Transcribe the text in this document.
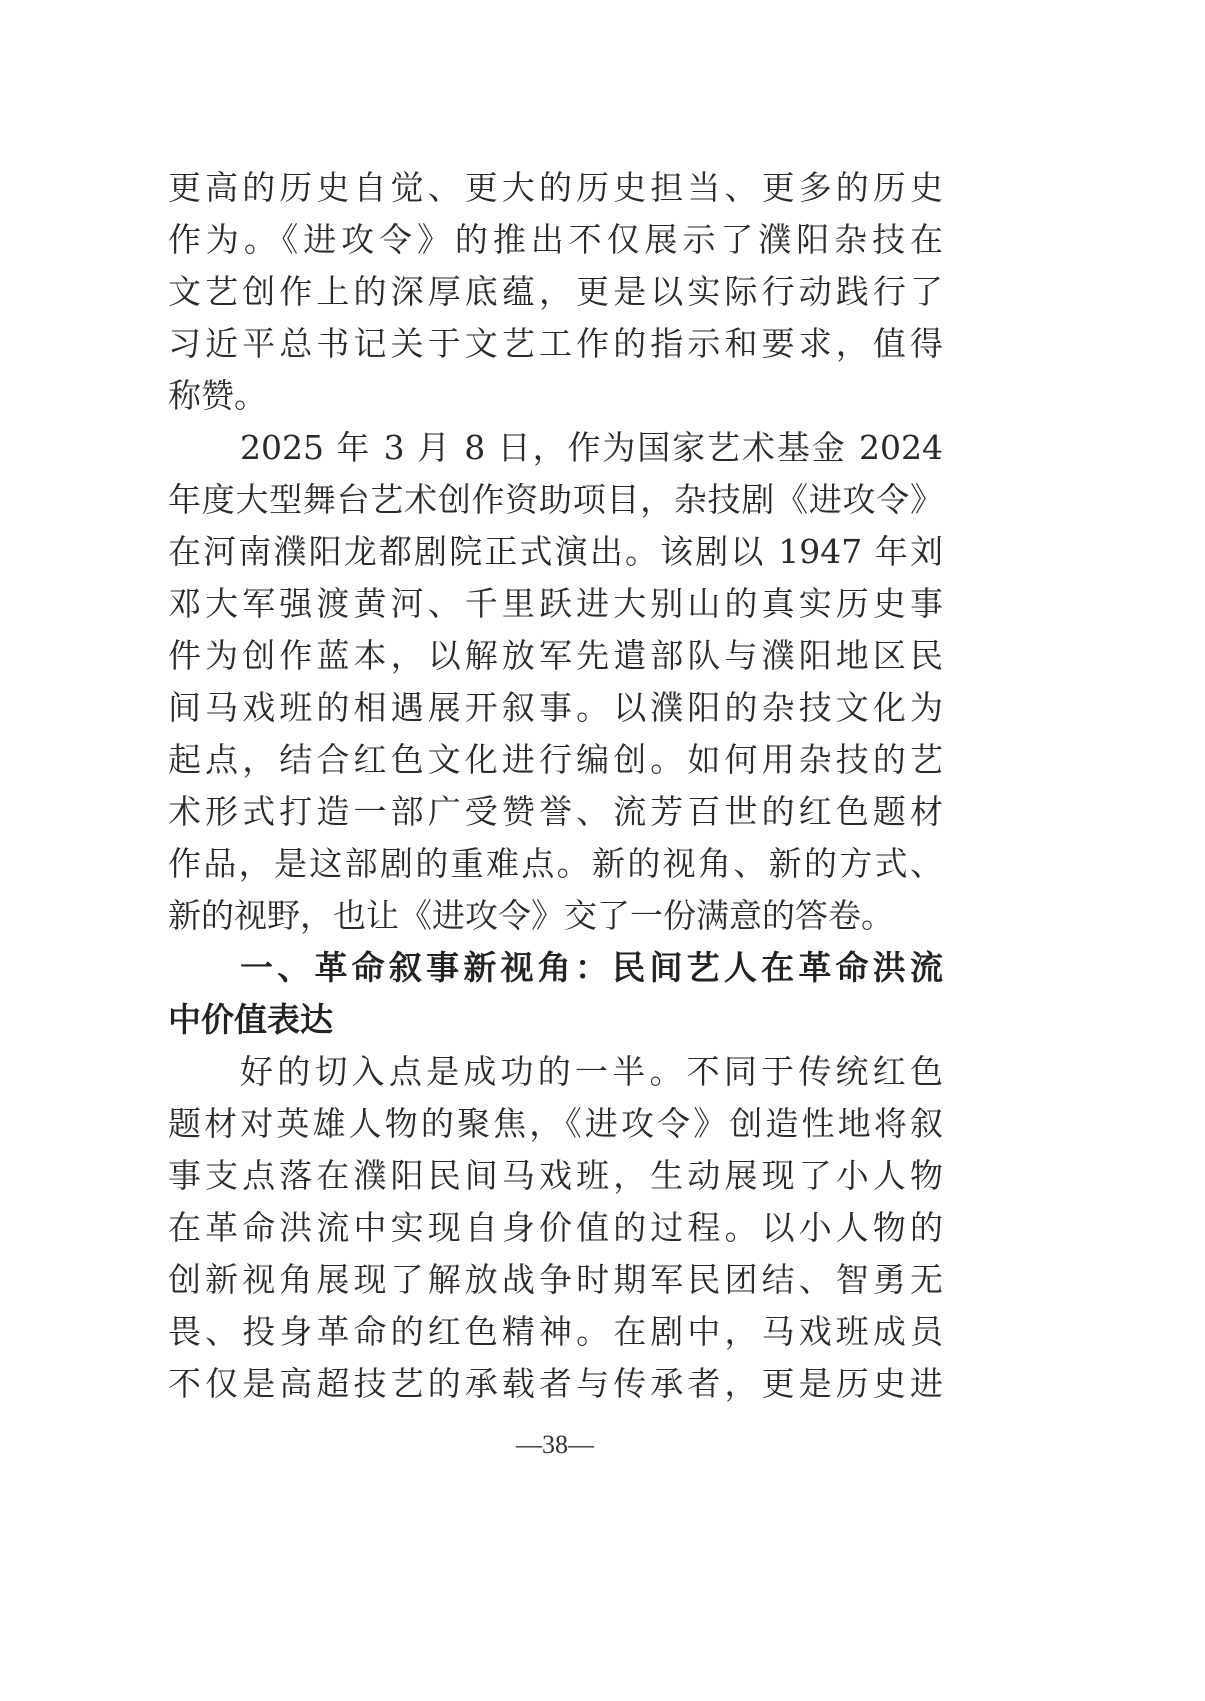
更高的历史自觉、更大的历史担当、更多的历史
作为。《进攻令》的推出不仅展示了濮阳杂技在
文艺创作上的深厚底蕴，更是以实际行动践行了
习近平总书记关于文艺工作的指示和要求，值得
称赞。
2025 年 3 月 8 日，作为国家艺术基金 2024
年度大型舞台艺术创作资助项目，杂技剧《进攻令》
在河南濮阳龙都剧院正式演出。该剧以 1947 年刘
邓大军强渡黄河、千里跃进大别山的真实历史事
件为创作蓝本，以解放军先遣部队与濮阳地区民
间马戏班的相遇展开叙事。以濮阳的杂技文化为
起点，结合红色文化进行编创。如何用杂技的艺
术形式打造一部广受赞誉、流芳百世的红色题材
作品，是这部剧的重难点。新的视角、新的方式、
新的视野，也让《进攻令》交了一份满意的答卷。
一、革命叙事新视角：民间艺人在革命洪流
中价值表达
好的切入点是成功的一半。不同于传统红色
题材对英雄人物的聚焦，《进攻令》创造性地将叙
事支点落在濮阳民间马戏班，生动展现了小人物
在革命洪流中实现自身价值的过程。以小人物的
创新视角展现了解放战争时期军民团结、智勇无
畏、投身革命的红色精神。在剧中，马戏班成员
不仅是高超技艺的承载者与传承者，更是历史进
—38—
